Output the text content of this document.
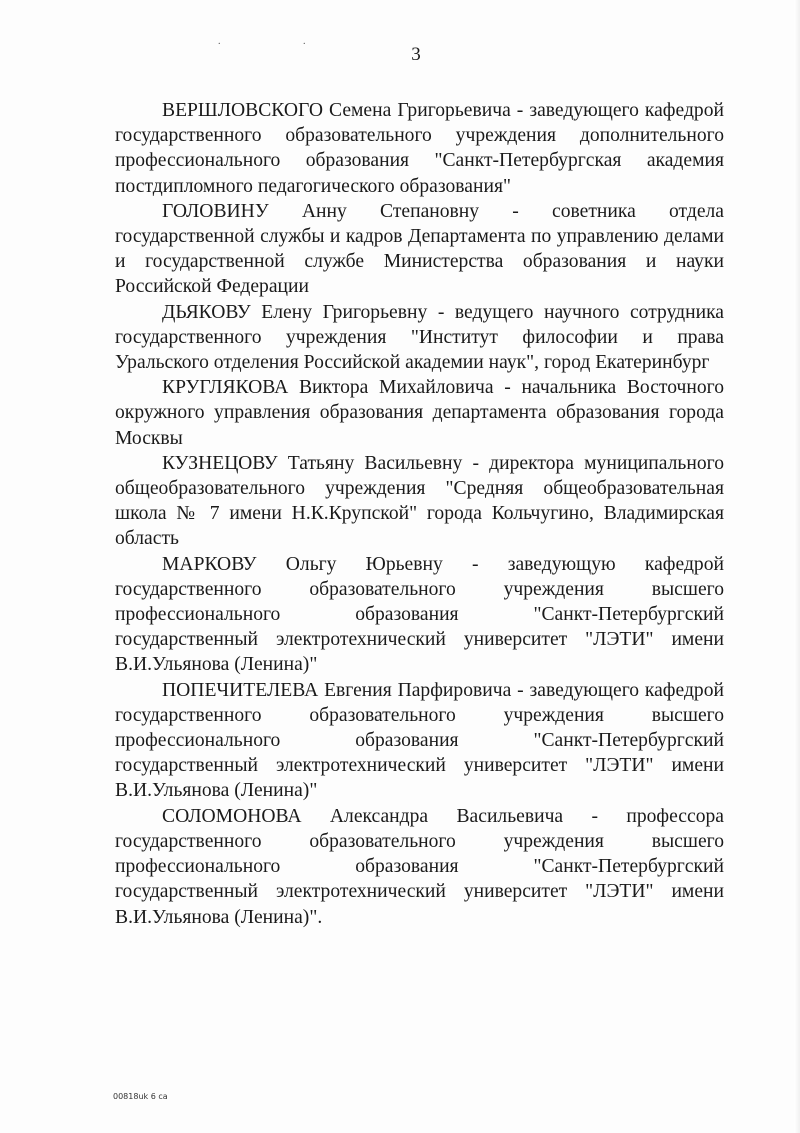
. .
3

ВЕРШЛОВСКОГО Семена Григорьевича - заведующего кафедрой государственного образовательного учреждения дополнительного профессионального образования "Санкт-Петербургская академия постдипломного педагогического образования"

ГОЛОВИНУ Анну Степановну - советника отдела государственной службы и кадров Департамента по управлению делами и государственной службе Министерства образования и науки Российской Федерации

ДЬЯКОВУ Елену Григорьевну - ведущего научного сотрудника государственного учреждения "Институт философии и права Уральского отделения Российской академии наук", город Екатеринбург

КРУГЛЯКОВА Виктора Михайловича - начальника Восточного окружного управления образования департамента образования города Москвы

КУЗНЕЦОВУ Татьяну Васильевну - директора муниципального общеобразовательного учреждения "Средняя общеобразовательная школа № 7 имени Н.К.Крупской" города Кольчугино, Владимирская область

МАРКОВУ Ольгу Юрьевну - заведующую кафедрой государственного образовательного учреждения высшего профессионального образования "Санкт-Петербургский государственный электротехнический университет "ЛЭТИ" имени В.И.Ульянова (Ленина)"

ПОПЕЧИТЕЛЕВА Евгения Парфировича - заведующего кафедрой государственного образовательного учреждения высшего профессионального образования "Санкт-Петербургский государственный электротехнический университет "ЛЭТИ" имени В.И.Ульянова (Ленина)"

СОЛОМОНОВА Александра Васильевича - профессора государственного образовательного учреждения высшего профессионального образования "Санкт-Петербургский государственный электротехнический университет "ЛЭТИ" имени В.И.Ульянова (Ленина)".

00818uk 6 ca
